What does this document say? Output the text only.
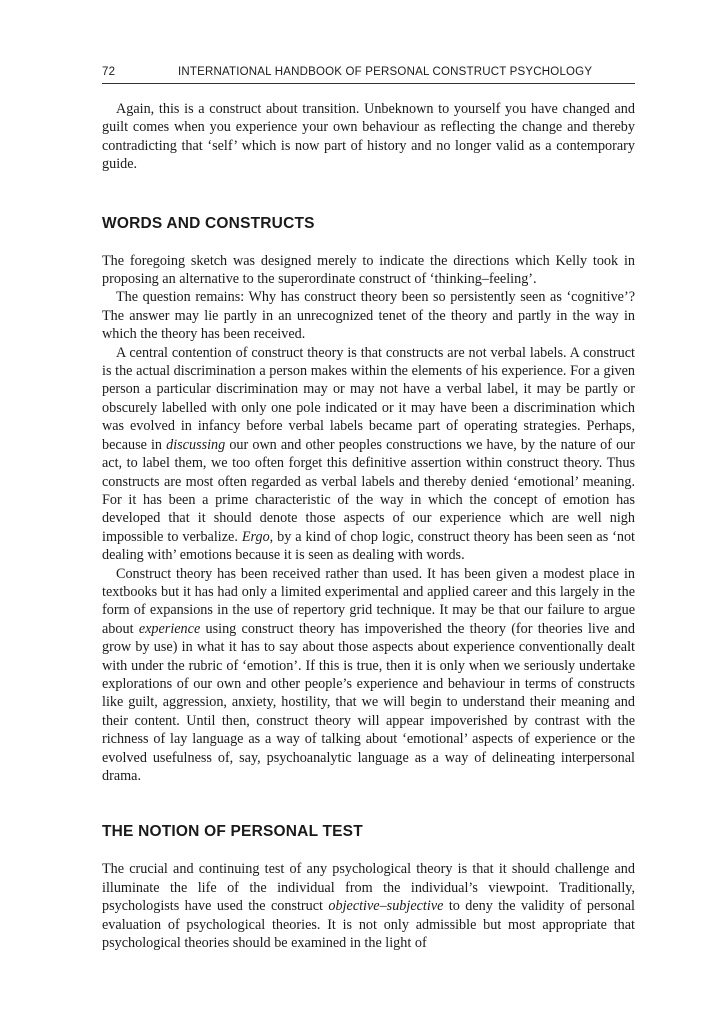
72	INTERNATIONAL HANDBOOK OF PERSONAL CONSTRUCT PSYCHOLOGY

Again, this is a construct about transition. Unbeknown to yourself you have changed and guilt comes when you experience your own behaviour as reflecting the change and thereby contradicting that ‘self’ which is now part of history and no longer valid as a contemporary guide.

WORDS AND CONSTRUCTS

The foregoing sketch was designed merely to indicate the directions which Kelly took in proposing an alternative to the superordinate construct of ‘thinking–feeling’.

The question remains: Why has construct theory been so persistently seen as ‘cognitive’? The answer may lie partly in an unrecognized tenet of the theory and partly in the way in which the theory has been received.

A central contention of construct theory is that constructs are not verbal labels. A construct is the actual discrimination a person makes within the elements of his experience. For a given person a particular discrimination may or may not have a verbal label, it may be partly or obscurely labelled with only one pole indicated or it may have been a discrimination which was evolved in infancy before verbal labels became part of operating strategies. Perhaps, because in discussing our own and other peoples constructions we have, by the nature of our act, to label them, we too often forget this definitive assertion within construct theory. Thus constructs are most often regarded as verbal labels and thereby denied ‘emotional’ meaning. For it has been a prime characteristic of the way in which the concept of emotion has developed that it should denote those aspects of our experience which are well nigh impossible to verbalize. Ergo, by a kind of chop logic, construct theory has been seen as ‘not dealing with’ emotions because it is seen as dealing with words.

Construct theory has been received rather than used. It has been given a modest place in textbooks but it has had only a limited experimental and applied career and this largely in the form of expansions in the use of repertory grid technique. It may be that our failure to argue about experience using construct theory has impoverished the theory (for theories live and grow by use) in what it has to say about those aspects about experience conventionally dealt with under the rubric of ‘emotion’. If this is true, then it is only when we seriously undertake explorations of our own and other people’s experience and behaviour in terms of constructs like guilt, aggression, anxiety, hostility, that we will begin to understand their meaning and their content. Until then, construct theory will appear impoverished by contrast with the richness of lay language as a way of talking about ‘emotional’ aspects of experience or the evolved usefulness of, say, psychoanalytic language as a way of delineating interpersonal drama.

THE NOTION OF PERSONAL TEST

The crucial and continuing test of any psychological theory is that it should challenge and illuminate the life of the individual from the individual’s viewpoint. Traditionally, psychologists have used the construct objective–subjective to deny the validity of personal evaluation of psychological theories. It is not only admissible but most appropriate that psychological theories should be examined in the light of
